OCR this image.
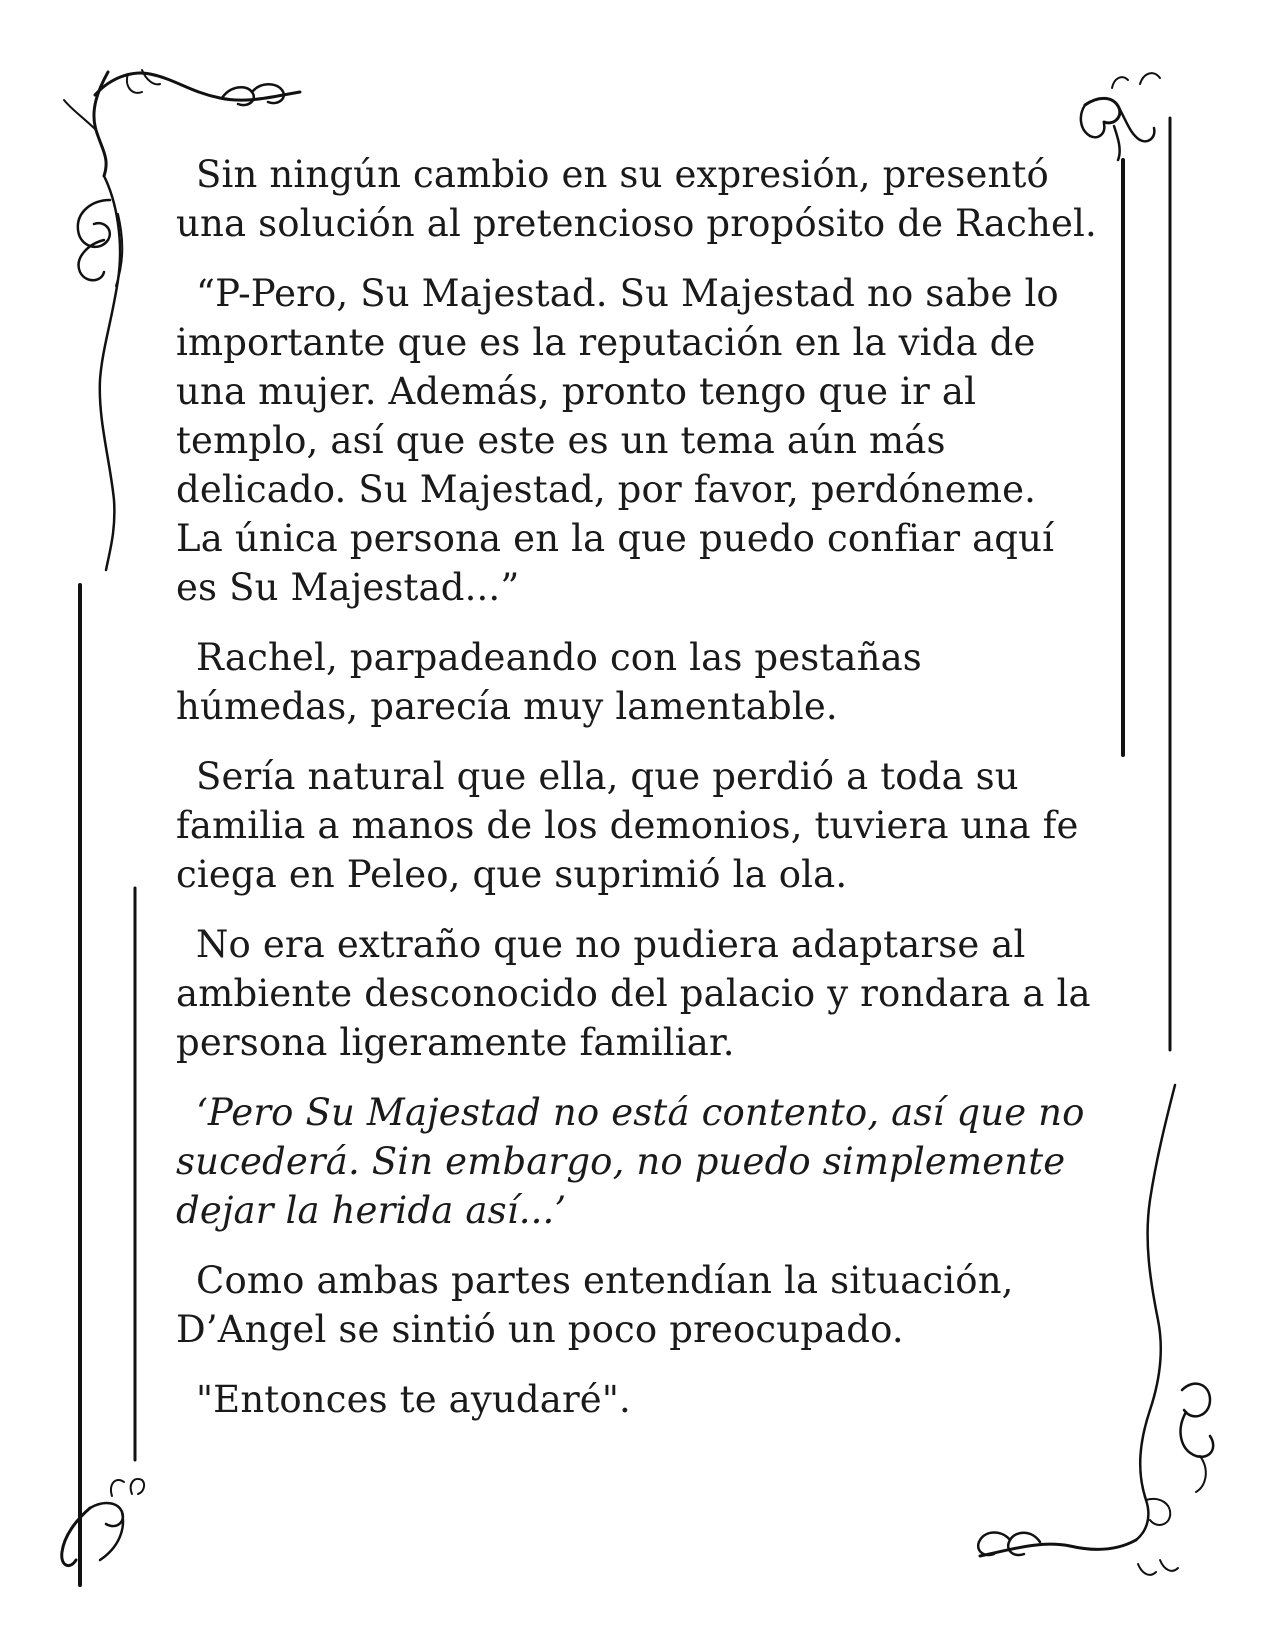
Sin ningún cambio en su expresión, presentó
una solución al pretencioso propósito de Rachel.

“P-Pero, Su Majestad. Su Majestad no sabe lo
importante que es la reputación en la vida de
una mujer. Además, pronto tengo que ir al
templo, así que este es un tema aún más
delicado. Su Majestad, por favor, perdóneme.
La única persona en la que puedo confiar aquí
es Su Majestad...”

Rachel, parpadeando con las pestañas
húmedas, parecía muy lamentable.

Sería natural que ella, que perdió a toda su
familia a manos de los demonios, tuviera una fe
ciega en Peleo, que suprimió la ola.

No era extraño que no pudiera adaptarse al
ambiente desconocido del palacio y rondara a la
persona ligeramente familiar.

‘Pero Su Majestad no está contento, así que no
sucederá. Sin embargo, no puedo simplemente
dejar la herida así...’

Como ambas partes entendían la situación,
D’Angel se sintió un poco preocupado.

"Entonces te ayudaré".
